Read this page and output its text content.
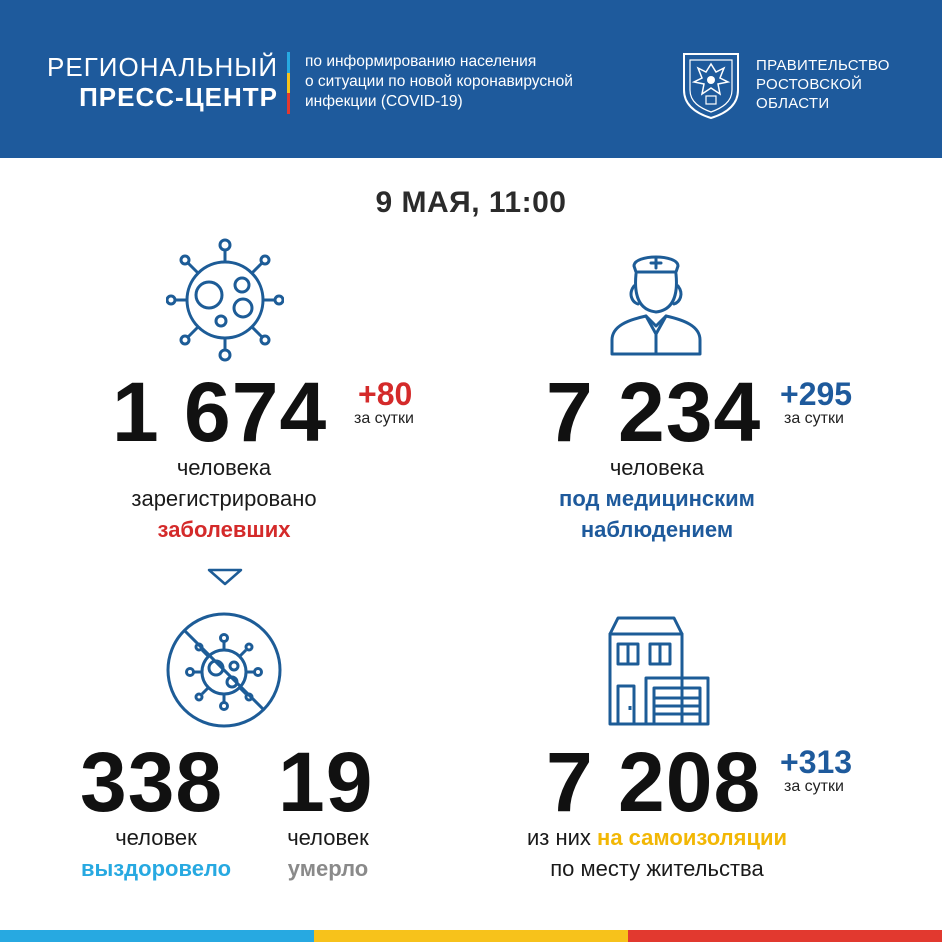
РЕГИОНАЛЬНЫЙ
ПРЕСС-ЦЕНТР
по информированию населения
о ситуации по новой коронавирусной
инфекции (COVID-19)
ПРАВИТЕЛЬСТВО
РОСТОВСКОЙ
ОБЛАСТИ
9 МАЯ, 11:00
1 674 +80
за сутки
человека
зарегистрировано
заболевших
7 234 +295
за сутки
человека
под медицинским
наблюдением
338
человек
выздоровело
19
человек
умерло
7 208 +313
за сутки
из них на самоизоляции
по месту жительства
